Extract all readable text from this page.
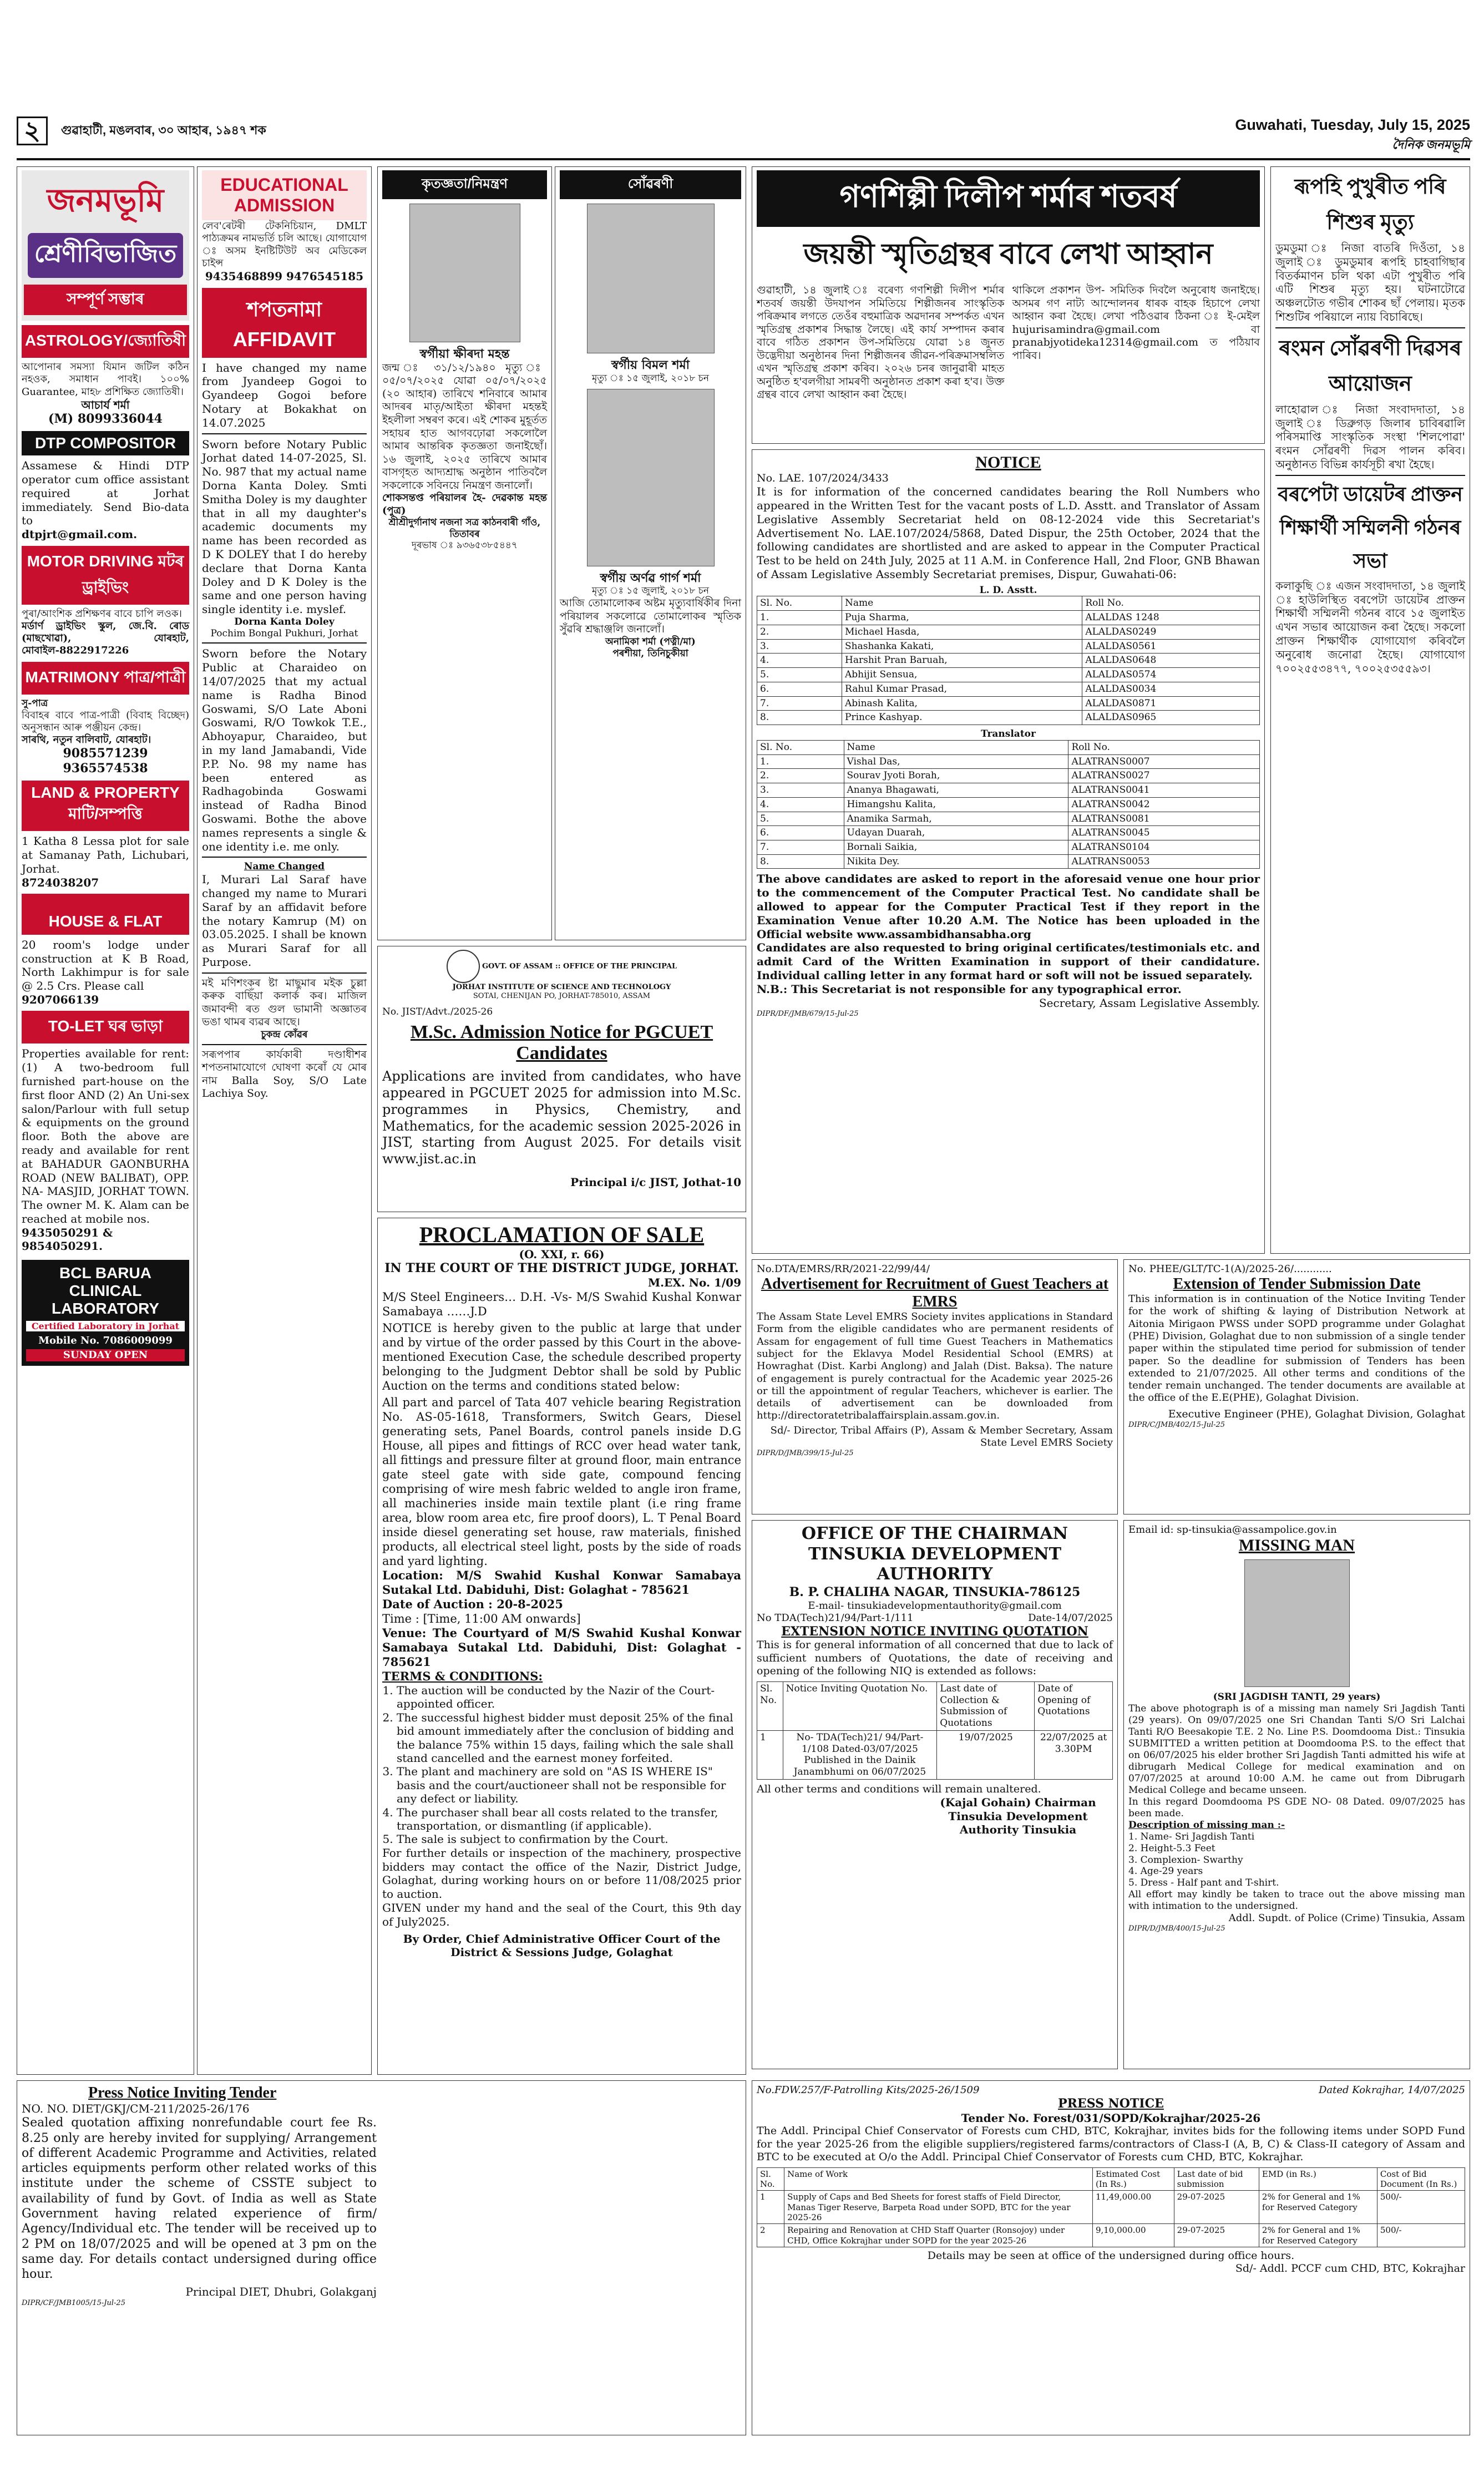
২	গুৱাহাটী, মঙলবাৰ, ৩০ আহাৰ, ১৯৪৭ শক	Guwahati, Tuesday, July 15, 2025
দৈনিক জনমভূমি
জনমভূমি
শ্ৰেণীবিভাজিত
সম্পূৰ্ণ সম্ভাৰ
ASTROLOGY/জ্যোতিষী
আপোনাৰ সমস্যা যিমান জটিল কঠিন নহওক, সমাধান পাবই। ১০০% Guarantee, মাহ৮ প্ৰশিক্ষিত জ্যোতিষী।
আচাৰ্য শৰ্মা
(M) 8099336044
DTP COMPOSITOR
Assamese & Hindi DTP operator cum office assistant required at Jorhat immediately. Send Bio-data to
dtpjrt@gmail.com.
MOTOR DRIVING মটৰ ড্ৰাইভিং
পুৰা/আংশিক প্ৰশিক্ষণৰ বাবে চাপি লওক।
মৰ্ডাৰ্ণ ড্ৰাইভিং স্কুল, জে.বি. ৰোড (মাছখোৱা), যোৰহাট, মোবাইল-8822917226
MATRIMONY পাত্ৰ/পাত্ৰী
সু-পাত্ৰ
বিবাহৰ বাবে পাত্ৰ-পাত্ৰী (বিবাহ বিচ্ছেদ) অনুসন্ধান আৰু পঞ্জীয়ন কেন্দ্ৰ।
সাৰথি, নতুন বালিবাট, যোৰহাট।
9085571239
9365574538
LAND & PROPERTY মাটি/সম্পত্তি
1 Katha 8 Lessa plot for sale at Samanay Path, Lichubari, Jorhat.
8724038207
HOUSE & FLAT
20 room's lodge under construction at K B Road, North Lakhimpur is for sale @ 2.5 Crs. Please call
9207066139
TO-LET ঘৰ ভাড়া
Properties available for rent: (1) A two-bedroom full furnished part-house on the first floor AND (2) An Uni-sex salon/Parlour with full setup & equipments on the ground floor. Both the above are ready and available for rent at BAHADUR GAONBURHA ROAD (NEW BALIBAT), OPP. NA- MASJID, JORHAT TOWN. The owner M. K. Alam can be reached at mobile nos.
9435050291 & 9854050291.
BCL BARUA CLINICAL LABORATORY
Certified Laboratory in Jorhat
Mobile No. 7086009099
SUNDAY OPEN
EDUCATIONAL ADMISSION
লেব'ৰেটৰী টেকনিচিয়ান, DMLT পাঠ্যক্ৰমৰ নামভৰ্তি চলি আছে। যোগাযোগ ঃ অসম ইনষ্টিটিউট অব মেডিকেল চাইন্স
9435468899 9476545185
শপতনামা AFFIDAVIT
I have changed my name from Jyandeep Gogoi to Gyandeep Gogoi before Notary at Bokakhat on 14.07.2025
Sworn before Notary Public Jorhat dated 14-07-2025, Sl. No. 987 that my actual name Dorna Kanta Doley. Smti Smitha Doley is my daughter that in all my daughter's academic documents my name has been recorded as D K DOLEY that I do hereby declare that Dorna Kanta Doley and D K Doley is the same and one person having single identity i.e. myslef.
Dorna Kanta Doley
Pochim Bongal Pukhuri, Jorhat
Sworn before the Notary Public at Charaideo on 14/07/2025 that my actual name is Radha Binod Goswami, S/O Late Aboni Goswami, R/O Towkok T.E., Abhoyapur, Charaideo, but in my land Jamabandi, Vide P.P. No. 98 my name has been entered as Radhagobinda Goswami instead of Radha Binod Goswami. Bothe the above names represents a single & one identity i.e. me only.
Name Changed
I, Murari Lal Saraf have changed my name to Murari Saraf by an affidavit before the notary Kamrup (M) on 03.05.2025. I shall be known as Murari Saraf for all Purpose.
মই মণিশংকৰ ষ্টা মাছুমাৰ মইক চুল্লা কৰুক বাছিঁয়া কলাৰ্ক কৰ। মাজিল জমাবন্দী ৰত গুল ভামানী অজ্ঞাতৰ ভঙা থামৰ ব্যৱৰ আছে।
চুকন্দ্ৰ কোঁৱৰ
সৰূপপাৰ কাৰ্যকাৰী দণ্ডাধীশৰ শপতনামাযোগে ঘোষণা কৰোঁ যে মোৰ নাম Balla Soy, S/O Late Lachiya Soy.
কৃতজ্ঞতা/নিমন্ত্ৰণ
স্বৰ্গীয়া ক্ষীৰদা মহন্ত
জন্ম ঃ ৩১/১২/১৯৪০ মৃত্যু ঃ ০৫/০৭/২০২৫ যোৱা ০৫/০৭/২০২৫ (২০ আহাৰ) তাৰিখে শনিবাৰে আমাৰ আদৰৰ মাতৃ/আইতা ক্ষীৰদা মহন্তই ইহলীলা সম্বৰণ কৰে। এই শোকৰ মুহূৰ্তত সহায়ৰ হাত আগবঢ়োৱা সকলোলৈ আমাৰ আন্তৰিক কৃতজ্ঞতা জনাইছোঁ। ১৬ জুলাই, ২০২৫ তাৰিখে আমাৰ বাসগৃহত আদ্যশ্ৰাদ্ধ অনুষ্ঠান পাতিবলৈ সকলোকে সবিনয়ে নিমন্ত্ৰণ জনালোঁ।
শোকসন্তপ্ত পৰিয়ালৰ হৈ- দেৱকান্ত মহন্ত (পুত্ৰ)
শ্ৰীশ্ৰীদুৰ্গানাথ নজনা সত্ৰ কাঠনবাৰী গাঁও, তিতাবৰ
দূৰভাষ ঃ ৯৩৬৫৩৮৫৪৪৭
সোঁৱৰণী
স্বৰ্গীয় বিমল শৰ্মা
মৃত্যু ঃ ১৫ জুলাই, ২০১৮ চন
স্বৰ্গীয় অৰ্ণৱ গাৰ্গ শৰ্মা
মৃত্যু ঃ ১৫ জুলাই, ২০১৮ চন
আজি তোমালোকৰ অষ্টম মৃত্যুবাৰ্ষিকীৰ দিনা পৰিয়ালৰ সকলোৱে তোমালোকৰ স্মৃতিক সুঁৱৰি শ্ৰদ্ধাঞ্জলি জনালোঁ।
অনামিকা শৰ্মা (পত্নী/মা)
পৰশীয়া, তিনিচুকীয়া
GOVT. OF ASSAM :: OFFICE OF THE PRINCIPAL
JORHAT INSTITUTE OF SCIENCE AND TECHNOLOGY
SOTAI, CHENIJAN PO, JORHAT-785010, ASSAM
No. JIST/Advt./2025-26
M.Sc. Admission Notice for PGCUET Candidates
Applications are invited from candidates, who have appeared in PGCUET 2025 for admission into M.Sc. programmes in Physics, Chemistry, and Mathematics, for the academic session 2025-2026 in JIST, starting from August 2025. For details visit www.jist.ac.in
Principal i/c JIST, Jothat-10
PROCLAMATION OF SALE
(O. XXI, r. 66)
IN THE COURT OF THE DISTRICT JUDGE, JORHAT.
M.EX. No. 1/09
M/S Steel Engineers… D.H. -Vs- M/S Swahid Kushal Konwar Samabaya ……J.D
NOTICE is hereby given to the public at large that under and by virtue of the order passed by this Court in the above-mentioned Execution Case, the schedule described property belonging to the Judgment Debtor shall be sold by Public Auction on the terms and conditions stated below:
All part and parcel of Tata 407 vehicle bearing Registration No. AS-05-1618, Transformers, Switch Gears, Diesel generating sets, Panel Boards, control panels inside D.G House, all pipes and fittings of RCC over head water tank, all fittings and pressure filter at ground floor, main entrance gate steel gate with side gate, compound fencing comprising of wire mesh fabric welded to angle iron frame, all machineries inside main textile plant (i.e ring frame area, blow room area etc, fire proof doors), L. T Penal Board inside diesel generating set house, raw materials, finished products, all electrical steel light, posts by the side of roads and yard lighting.
Location: M/S Swahid Kushal Konwar Samabaya Sutakal Ltd. Dabiduhi, Dist: Golaghat - 785621
Date of Auction : 20-8-2025
Time : [Time, 11:00 AM onwards]
Venue: The Courtyard of M/S Swahid Kushal Konwar Samabaya Sutakal Ltd. Dabiduhi, Dist: Golaghat - 785621
TERMS & CONDITIONS:
1. The auction will be conducted by the Nazir of the Court-appointed officer.
2. The successful highest bidder must deposit 25% of the final bid amount immediately after the conclusion of bidding and the balance 75% within 15 days, failing which the sale shall stand cancelled and the earnest money forfeited.
3. The plant and machinery are sold on "AS IS WHERE IS" basis and the court/auctioneer shall not be responsible for any defect or liability.
4. The purchaser shall bear all costs related to the transfer, transportation, or dismantling (if applicable).
5. The sale is subject to confirmation by the Court.
For further details or inspection of the machinery, prospective bidders may contact the office of the Nazir, District Judge, Golaghat, during working hours on or before 11/08/2025 prior to auction.
GIVEN under my hand and the seal of the Court, this 9th day of July2025.
By Order, Chief Administrative Officer Court of the District & Sessions Judge, Golaghat
গণশিল্পী দিলীপ শৰ্মাৰ শতবৰ্ষ
জয়ন্তী স্মৃতিগ্ৰন্থৰ বাবে লেখা আহ্বান
গুৱাহাটী, ১৪ জুলাই ঃ বৰেণ্য গণশিল্পী দিলীপ শৰ্মাৰ শতবৰ্ষ জয়ন্তী উদযাপন সমিতিয়ে শিল্পীজনৰ সাংস্কৃতিক পৰিক্ৰমাৰ লগতে তেওঁৰ বহুমাত্ৰিক অৱদানৰ সম্পৰ্কত এখন স্মৃতিগ্ৰন্থ প্ৰকাশৰ সিদ্ধান্ত লৈছে। এই কাৰ্য সম্পাদন কৰাৰ বাবে গঠিত প্ৰকাশন উপ-সমিতিয়ে যোৱা ১৪ জুনত উদ্ভেদীয়া অনুষ্ঠানৰ দিনা শিল্পীজনৰ জীৱন-পৰিক্ৰমাসম্বলিত এখন স্মৃতিগ্ৰন্থ প্ৰকাশ কৰিব। ২০২৬ চনৰ জানুৱাৰী মাহত অনুষ্ঠিত হ'বলগীয়া সামৰণী অনুষ্ঠানত প্ৰকাশ কৰা হ'ব। উক্ত গ্ৰন্থৰ বাবে লেখা আহ্বান কৰা হৈছে।
থাকিলে প্ৰকাশন উপ- সমিতিক দিবলৈ অনুৰোধ জনাইছে। অসমৰ গণ নাট্য আন্দোলনৰ ধাৰক বাহক হিচাপে লেখা আহ্বান কৰা হৈছে। লেখা পঠিওৱাৰ ঠিকনা ঃ ই-মেইল hujurisamindra@gmail.com বা pranabjyotideka12314@gmail.com ত পঠিয়াব পাৰিব।
NOTICE
No. LAE. 107/2024/3433
It is for information of the concerned candidates bearing the Roll Numbers who appeared in the Written Test for the vacant posts of L.D. Asstt. and Translator of Assam Legislative Assembly Secretariat held on 08-12-2024 vide this Secretariat's Advertisement No. LAE.107/2024/5868, Dated Dispur, the 25th October, 2024 that the following candidates are shortlisted and are asked to appear in the Computer Practical Test to be held on 24th July, 2025 at 11 A.M. in Conference Hall, 2nd Floor, GNB Bhawan of Assam Legislative Assembly Secretariat premises, Dispur, Guwahati-06:
L. D. Asstt.
Sl. No.	Name	Roll No.
1.	Puja Sharma,	ALALDAS 1248
2.	Michael Hasda,	ALALDAS0249
3.	Shashanka Kakati,	ALALDAS0561
4.	Harshit Pran Baruah,	ALALDAS0648
5.	Abhijit Sensua,	ALALDAS0574
6.	Rahul Kumar Prasad,	ALALDAS0034
7.	Abinash Kalita,	ALALDAS0871
8.	Prince Kashyap.	ALALDAS0965
Translator
Sl. No.	Name	Roll No.
1.	Vishal Das,	ALATRANS0007
2.	Sourav Jyoti Borah,	ALATRANS0027
3.	Ananya Bhagawati,	ALATRANS0041
4.	Himangshu Kalita,	ALATRANS0042
5.	Anamika Sarmah,	ALATRANS0081
6.	Udayan Duarah,	ALATRANS0045
7.	Bornali Saikia,	ALATRANS0104
8.	Nikita Dey.	ALATRANS0053
The above candidates are asked to report in the aforesaid venue one hour prior to the commencement of the Computer Practical Test. No candidate shall be allowed to appear for the Computer Practical Test if they report in the Examination Venue after 10.20 A.M. The Notice has been uploaded in the Official website www.assambidhansabha.org
Candidates are also requested to bring original certificates/testimonials etc. and admit Card of the Written Examination in support of their candidature. Individual calling letter in any format hard or soft will not be issued separately.
N.B.: This Secretariat is not responsible for any typographical error.
Secretary, Assam Legislative Assembly.
DIPR/DF/JMB/679/15-Jul-25
ৰূপহি পুখুৰীত পৰি শিশুৰ মৃত্যু
ডুমডুমা ঃ নিজা বাতৰি দিওঁতা, ১৪ জুলাই ঃ ডুমডুমাৰ ৰূপহি চাহবাগিছাৰ বিতৰ্কমাণন চলি থকা এটা পুখুৰীত পৰি এটি শিশুৰ মৃত্যু হয়। ঘটনাটোৱে অঞ্চলটোত গভীৰ শোকৰ ছাঁ পেলায়। মৃতক শিশুটিৰ পৰিয়ালে ন্যায় বিচাৰিছে।
ৰংমন সোঁৱৰণী দিৱসৰ আয়োজন
লাহোৱাল ঃ নিজা সংবাদদাতা, ১৪ জুলাই ঃ ডিব্ৰুগড় জিলাৰ চাবিৰৱালি পৰিসমাপ্তি সাংস্কৃতিক সংস্থা 'শিলপোৱা' ৰংমন সোঁৱৰণী দিৱস পালন কৰিব। অনুষ্ঠানত বিভিন্ন কাৰ্যসূচী ৰখা হৈছে।
বৰপেটা ডায়েটৰ প্ৰাক্তন শিক্ষাৰ্থী সম্মিলনী গঠনৰ সভা
কলাকুছি ঃ এজন সংবাদদাতা, ১৪ জুলাই ঃ হাউলিস্থিত বৰপেটা ডায়েটৰ প্ৰাক্তন শিক্ষাৰ্থী সম্মিলনী গঠনৰ বাবে ১৫ জুলাইত এখন সভাৰ আয়োজন কৰা হৈছে। সকলো প্ৰাক্তন শিক্ষাৰ্থীক যোগাযোগ কৰিবলৈ অনুৰোধ জনোৱা হৈছে। যোগাযোগ ৭০০২৫৫৩৪৭৭, ৭০০২৫৩৫৫৯৩।
No.DTA/EMRS/RR/2021-22/99/44/
Advertisement for Recruitment of Guest Teachers at EMRS
The Assam State Level EMRS Society invites applications in Standard Form from the eligible candidates who are permanent residents of Assam for engagement of full time Guest Teachers in Mathematics subject for the Eklavya Model Residential School (EMRS) at Howraghat (Dist. Karbi Anglong) and Jalah (Dist. Baksa). The nature of engagement is purely contractual for the Academic year 2025-26 or till the appointment of regular Teachers, whichever is earlier. The details of advertisement can be downloaded from http://directoratetribalaffairsplain.assam.gov.in.
Sd/- Director, Tribal Affairs (P), Assam & Member Secretary, Assam State Level EMRS Society
DIPR/D/JMB/399/15-Jul-25
No. PHEE/GLT/TC-1(A)/2025-26/............
Extension of Tender Submission Date
This information is in continuation of the Notice Inviting Tender for the work of shifting & laying of Distribution Network at Aitonia Mirigaon PWSS under SOPD programme under Golaghat (PHE) Division, Golaghat due to non submission of a single tender paper within the stipulated time period for submission of tender paper. So the deadline for submission of Tenders has been extended to 21/07/2025. All other terms and conditions of the tender remain unchanged. The tender documents are available at the office of the E.E(PHE), Golaghat Division.
Executive Engineer (PHE), Golaghat Division, Golaghat
DIPR/C/JMB/402/15-Jul-25
OFFICE OF THE CHAIRMAN
TINSUKIA DEVELOPMENT AUTHORITY
B. P. CHALIHA NAGAR, TINSUKIA-786125
E-mail- tinsukiadevelopmentauthority@gmail.com
No TDA(Tech)21/94/Part-1/111	Date-14/07/2025
EXTENSION NOTICE INVITING QUOTATION
This is for general information of all concerned that due to lack of sufficient numbers of Quotations, the date of receiving and opening of the following NIQ is extended as follows:
Sl. No.	Notice Inviting Quotation No.	Last date of Collection & Submission of Quotations	Date of Opening of Quotations
1	No- TDA(Tech)21/ 94/Part-1/108 Dated-03/07/2025 Published in the Dainik Janambhumi on 06/07/2025	19/07/2025	22/07/2025 at 3.30PM
All other terms and conditions will remain unaltered.
(Kajal Gohain) Chairman Tinsukia Development Authority Tinsukia
Email id: sp-tinsukia@assampolice.gov.in
MISSING MAN
(SRI JAGDISH TANTI, 29 years)
The above photograph is of a missing man namely Sri Jagdish Tanti (29 years). On 09/07/2025 one Sri Chandan Tanti S/O Sri Lalchai Tanti R/O Beesakopie T.E. 2 No. Line P.S. Doomdooma Dist.: Tinsukia SUBMITTED a written petition at Doomdooma P.S. to the effect that on 06/07/2025 his elder brother Sri Jagdish Tanti admitted his wife at dibrugarh Medical College for medical examination and on 07/07/2025 at around 10:00 A.M. he came out from Dibrugarh Medical College and became unseen.
In this regard Doomdooma PS GDE NO- 08 Dated. 09/07/2025 has been made.
Description of missing man :-
1. Name- Sri Jagdish Tanti
2. Height-5.3 Feet
3. Complexion- Swarthy
4. Age-29 years
5. Dress - Half pant and T-shirt.
All effort may kindly be taken to trace out the above missing man with intimation to the undersigned.
Addl. Supdt. of Police (Crime) Tinsukia, Assam
DIPR/D/JMB/400/15-Jul-25
Press Notice Inviting Tender
NO. NO. DIET/GKJ/CM-211/2025-26/176
Sealed quotation affixing nonrefundable court fee Rs. 8.25 only are hereby invited for supplying/ Arrangement of different Academic Programme and Activities, related articles equipments perform other related works of this institute under the scheme of CSSTE subject to availability of fund by Govt. of India as well as State Government having related experience of firm/ Agency/Individual etc. The tender will be received up to 2 PM on 18/07/2025 and will be opened at 3 pm on the same day. For details contact undersigned during office hour.
Principal DIET, Dhubri, Golakganj
DIPR/CF/JMB1005/15-Jul-25
No.FDW.257/F-Patrolling Kits/2025-26/1509	Dated Kokrajhar, 14/07/2025
PRESS NOTICE
Tender No. Forest/031/SOPD/Kokrajhar/2025-26
The Addl. Principal Chief Conservator of Forests cum CHD, BTC, Kokrajhar, invites bids for the following items under SOPD Fund for the year 2025-26 from the eligible suppliers/registered farms/contractors of Class-I (A, B, C) & Class-II category of Assam and BTC to be executed at O/o the Addl. Principal Chief Conservator of Forests cum CHD, BTC, Kokrajhar.
Sl. No.	Name of Work	Estimated Cost (In Rs.)	Last date of bid submission	EMD (in Rs.)	Cost of Bid Document (In Rs.)
1	Supply of Caps and Bed Sheets for forest staffs of Field Director, Manas Tiger Reserve, Barpeta Road under SOPD, BTC for the year 2025-26	11,49,000.00	29-07-2025	2% for General and 1% for Reserved Category	500/-
2	Repairing and Renovation at CHD Staff Quarter (Ronsojoy) under CHD, Office Kokrajhar under SOPD for the year 2025-26	9,10,000.00	29-07-2025	2% for General and 1% for Reserved Category	500/-
Details may be seen at office of the undersigned during office hours.
Sd/- Addl. PCCF cum CHD, BTC, Kokrajhar
